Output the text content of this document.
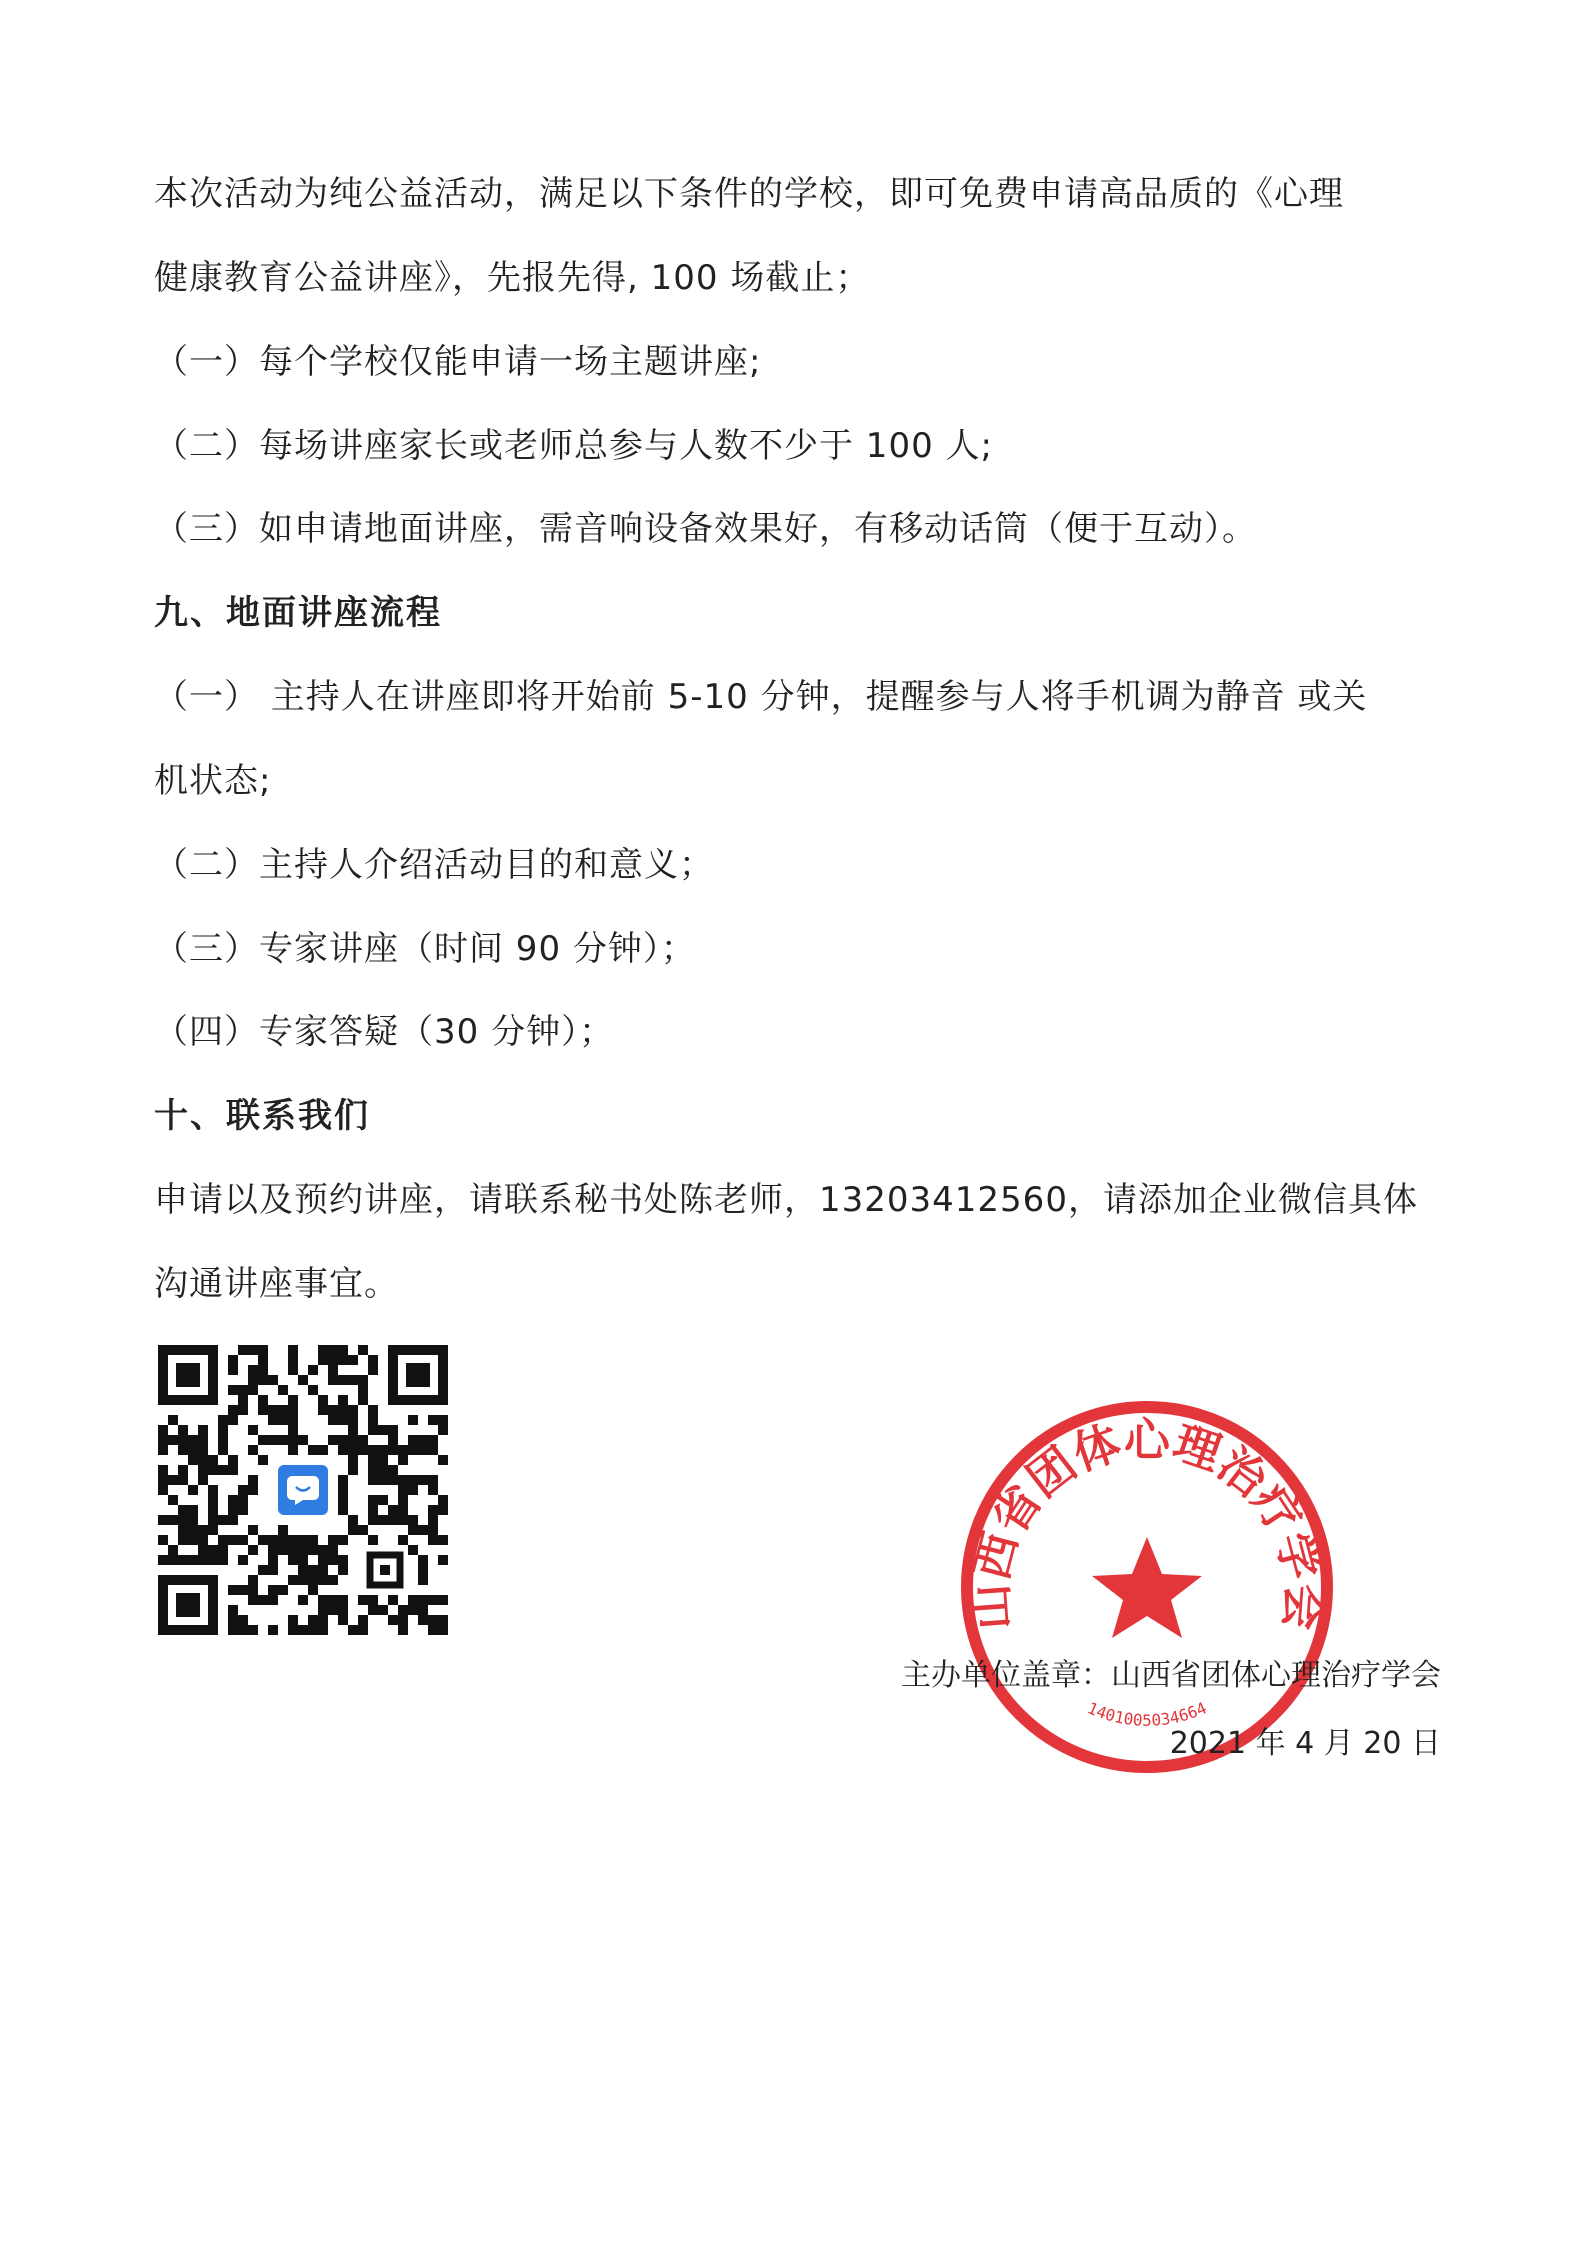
本次活动为纯公益活动，满足以下条件的学校，即可免费申请高品质的《心理
健康教育公益讲座》，先报先得, 100 场截止；
（一）每个学校仅能申请一场主题讲座;
（二）每场讲座家长或老师总参与人数不少于 100 人;
（三）如申请地面讲座，需音响设备效果好，有移动话筒（便于互动）。
九、地面讲座流程
（一） 主持人在讲座即将开始前 5-10 分钟，提醒参与人将手机调为静音 或关
机状态;
（二）主持人介绍活动目的和意义；
（三）专家讲座（时间 90 分钟）；
（四）专家答疑（30 分钟）；
十、联系我们
申请以及预约讲座，请联系秘书处陈老师，13203412560，请添加企业微信具体
沟通讲座事宜。
山西省团体心理治疗学会
1401005034664
主办单位盖章：山西省团体心理治疗学会
2021 年 4 月 20 日
